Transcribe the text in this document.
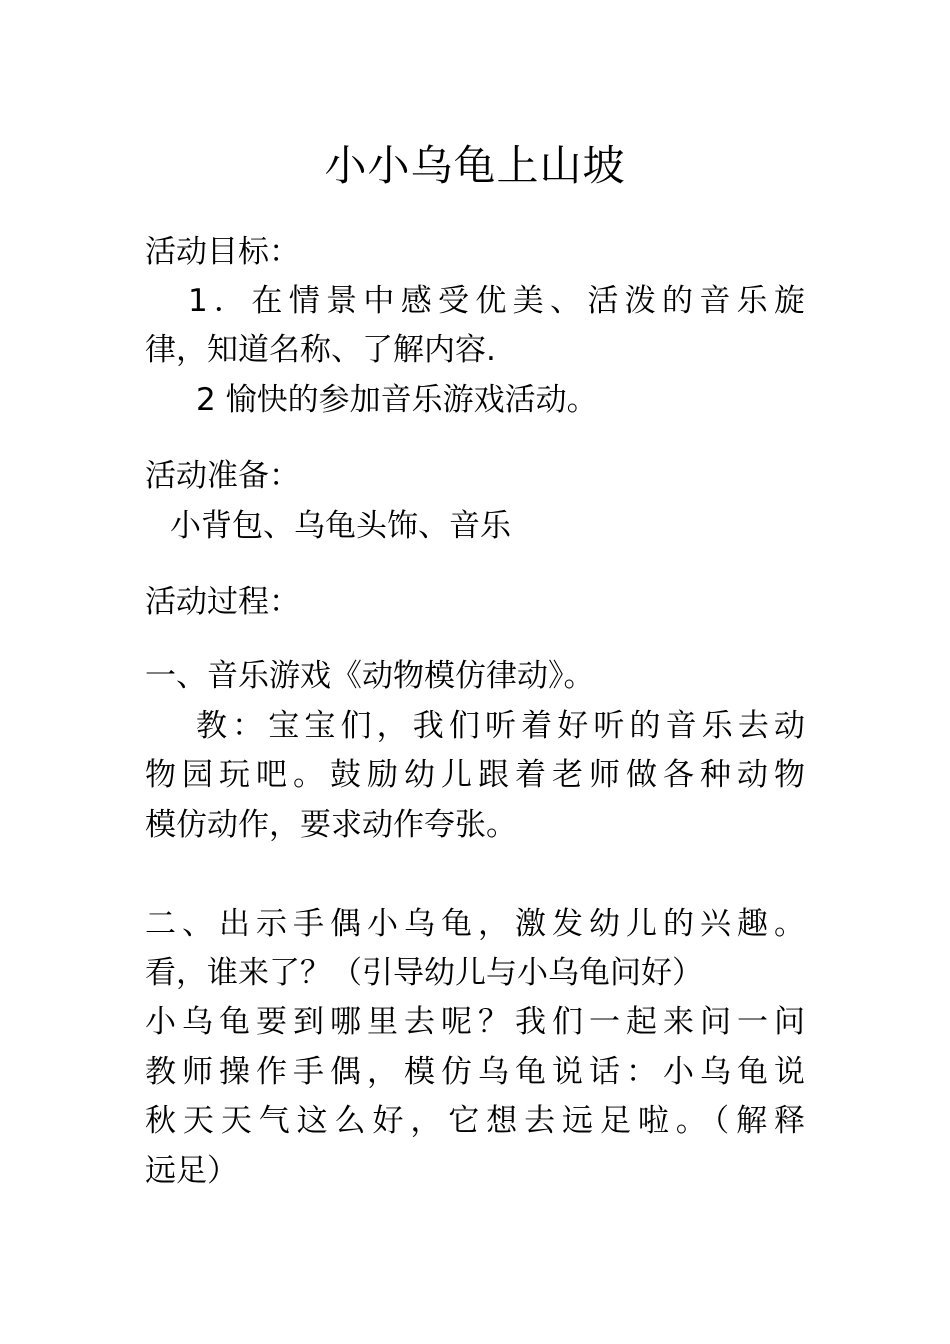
小小乌龟上山坡
活动目标：
1．在情景中感受优美、活泼的音乐旋
律，知道名称、了解内容.
2 愉快的参加音乐游戏活动。
活动准备：
小背包、乌龟头饰、音乐
活动过程：
一、音乐游戏《动物模仿律动》。
教：宝宝们，我们听着好听的音乐去动
物园玩吧。鼓励幼儿跟着老师做各种动物
模仿动作，要求动作夸张。
二、出示手偶小乌龟，激发幼儿的兴趣。
看，谁来了？（引导幼儿与小乌龟问好）
小乌龟要到哪里去呢？我们一起来问一问
教师操作手偶，模仿乌龟说话：小乌龟说
秋天天气这么好，它想去远足啦。（解释
远足）
